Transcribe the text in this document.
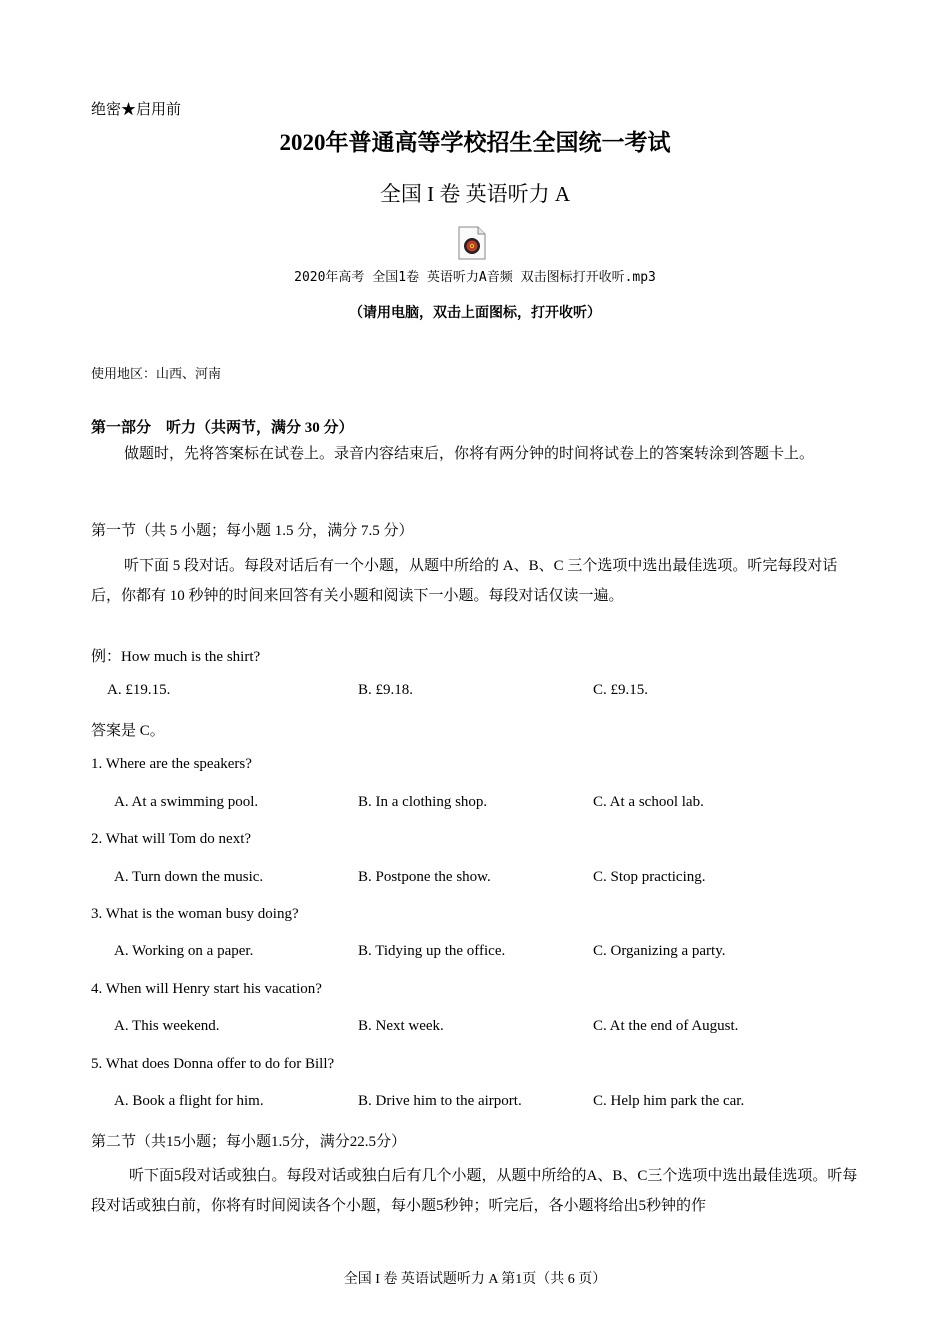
绝密★启用前
2020年普通高等学校招生全国统一考试
全国 I 卷 英语听力 A
2020年高考 全国1卷 英语听力A音频 双击图标打开收听.mp3
（请用电脑，双击上面图标，打开收听）
使用地区：山西、河南
第一部分　听力（共两节，满分 30 分）
做题时，先将答案标在试卷上。录音内容结束后，你将有两分钟的时间将试卷上的答案转涂到答题卡上。
第一节（共 5 小题；每小题 1.5 分，满分 7.5 分）
听下面 5 段对话。每段对话后有一个小题，从题中所给的 A、B、C 三个选项中选出最佳选项。听完每段对话后，你都有 10 秒钟的时间来回答有关小题和阅读下一小题。每段对话仅读一遍。
例：How much is the shirt?
A. £19.15.	B. £9.18.	C. £9.15.
答案是 C。
1. Where are the speakers?
A. At a swimming pool.	B. In a clothing shop.	C. At a school lab.
2. What will Tom do next?
A. Turn down the music.	B. Postpone the show.	C. Stop practicing.
3. What is the woman busy doing?
A. Working on a paper.	B. Tidying up the office.	C. Organizing a party.
4. When will Henry start his vacation?
A. This weekend.	B. Next week.	C. At the end of August.
5. What does Donna offer to do for Bill?
A. Book a flight for him.	B. Drive him to the airport.	C. Help him park the car.
第二节（共15小题；每小题1.5分，满分22.5分）
听下面5段对话或独白。每段对话或独白后有几个小题，从题中所给的A、B、C三个选项中选出最佳选项。听每段对话或独白前，你将有时间阅读各个小题，每小题5秒钟；听完后，各小题将给出5秒钟的作
全国 I 卷 英语试题听力 A 第1页（共 6 页）
